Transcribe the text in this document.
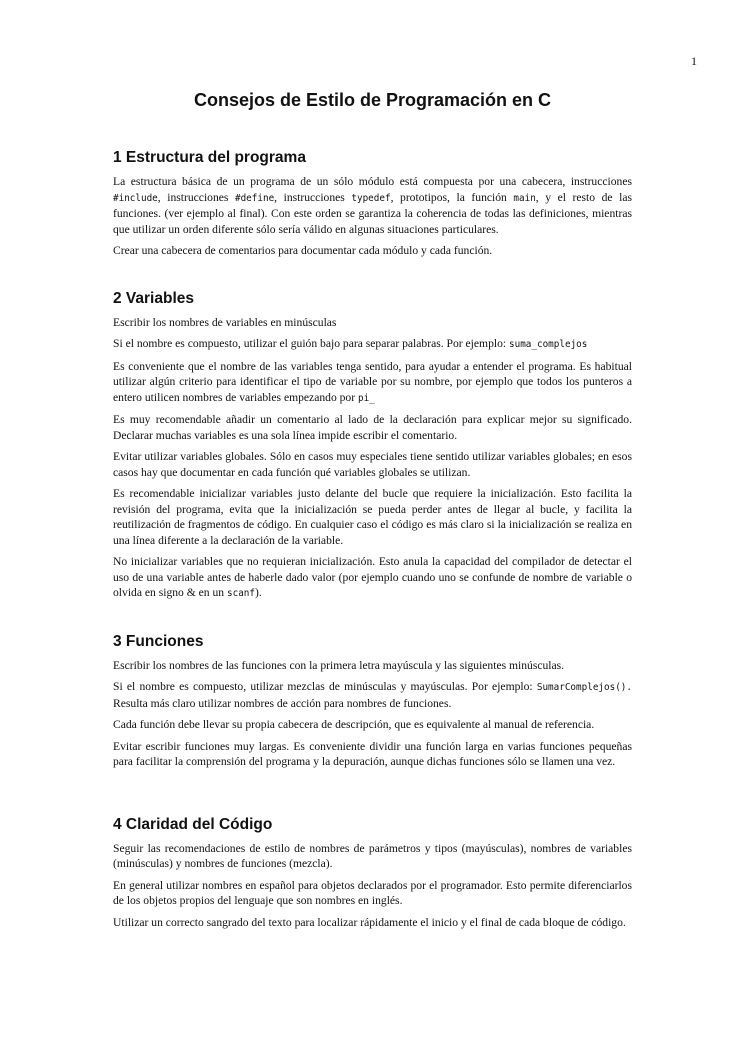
1
Consejos de Estilo de Programación en C
1 Estructura del programa

La estructura básica de un programa de un sólo módulo está compuesta por una cabecera, instrucciones #include, instrucciones #define, instrucciones typedef, prototipos, la función main, y el resto de las funciones. (ver ejemplo al final). Con este orden se garantiza la coherencia de todas las definiciones, mientras que utilizar un orden diferente sólo sería válido en algunas situaciones particulares.

Crear una cabecera de comentarios para documentar cada módulo y cada función.

2 Variables

Escribir los nombres de variables en minúsculas

Si el nombre es compuesto, utilizar el guión bajo para separar palabras. Por ejemplo: suma_complejos

Es conveniente que el nombre de las variables tenga sentido, para ayudar a entender el programa. Es habitual utilizar algún criterio para identificar el tipo de variable por su nombre, por ejemplo que todos los punteros a entero utilicen nombres de variables empezando por pi_

Es muy recomendable añadir un comentario al lado de la declaración para explicar mejor su significado. Declarar muchas variables es una sola línea impide escribir el comentario.

Evitar utilizar variables globales. Sólo en casos muy especiales tiene sentido utilizar variables globales; en esos casos hay que documentar en cada función qué variables globales se utilizan.

Es recomendable inicializar variables justo delante del bucle que requiere la inicialización. Esto facilita la revisión del programa, evita que la inicialización se pueda perder antes de llegar al bucle, y facilita la reutilización de fragmentos de código. En cualquier caso el código es más claro si la inicialización se realiza en una línea diferente a la declaración de la variable.

No inicializar variables que no requieran inicialización. Esto anula la capacidad del compilador de detectar el uso de una variable antes de haberle dado valor (por ejemplo cuando uno se confunde de nombre de variable o olvida en signo & en un scanf).

3 Funciones

Escribir los nombres de las funciones con la primera letra mayúscula y las siguientes minúsculas.

Si el nombre es compuesto, utilizar mezclas de minúsculas y mayúsculas. Por ejemplo: SumarComplejos(). Resulta más claro utilizar nombres de acción para nombres de funciones.

Cada función debe llevar su propia cabecera de descripción, que es equivalente al manual de referencia.

Evitar escribir funciones muy largas. Es conveniente dividir una función larga en varias funciones pequeñas para facilitar la comprensión del programa y la depuración, aunque dichas funciones sólo se llamen una vez.

4 Claridad del Código

Seguir las recomendaciones de estilo de nombres de parámetros y tipos (mayúsculas), nombres de variables (minúsculas) y nombres de funciones (mezcla).

En general utilizar nombres en español para objetos declarados por el programador. Esto permite diferenciarlos de los objetos propios del lenguaje que son nombres en inglés.

Utilizar un correcto sangrado del texto para localizar rápidamente el inicio y el final de cada bloque de código.
